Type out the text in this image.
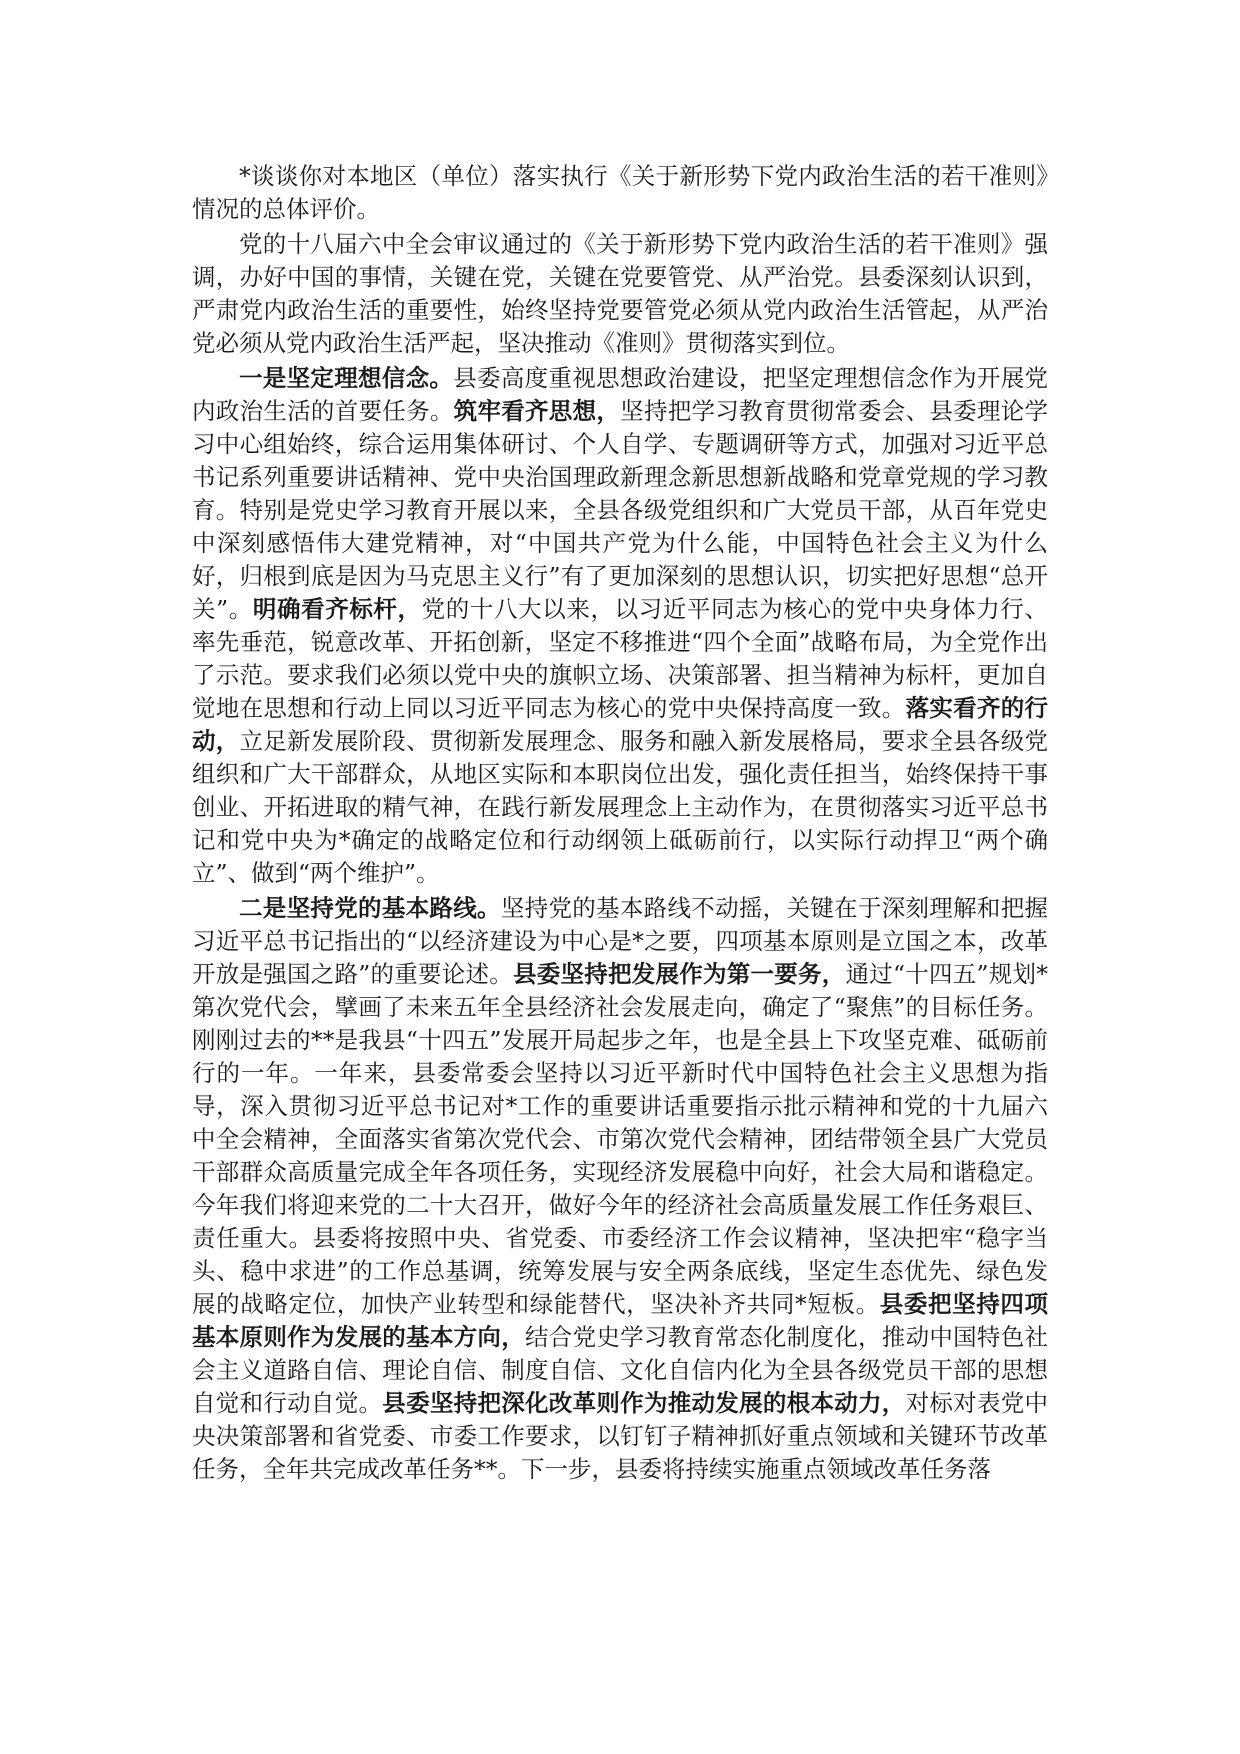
*谈谈你对本地区（单位）落实执行《关于新形势下党内政治生活的若干准则》情况的总体评价。

党的十八届六中全会审议通过的《关于新形势下党内政治生活的若干准则》强调，办好中国的事情，关键在党，关键在党要管党、从严治党。县委深刻认识到，严肃党内政治生活的重要性，始终坚持党要管党必须从党内政治生活管起，从严治党必须从党内政治生活严起，坚决推动《准则》贯彻落实到位。

一是坚定理想信念。县委高度重视思想政治建设，把坚定理想信念作为开展党内政治生活的首要任务。筑牢看齐思想，坚持把学习教育贯彻常委会、县委理论学习中心组始终，综合运用集体研讨、个人自学、专题调研等方式，加强对习近平总书记系列重要讲话精神、党中央治国理政新理念新思想新战略和党章党规的学习教育。特别是党史学习教育开展以来，全县各级党组织和广大党员干部，从百年党史中深刻感悟伟大建党精神，对“中国共产党为什么能，中国特色社会主义为什么好，归根到底是因为马克思主义行”有了更加深刻的思想认识，切实把好思想“总开关”。明确看齐标杆，党的十八大以来，以习近平同志为核心的党中央身体力行、率先垂范，锐意改革、开拓创新，坚定不移推进“四个全面”战略布局，为全党作出了示范。要求我们必须以党中央的旗帜立场、决策部署、担当精神为标杆，更加自觉地在思想和行动上同以习近平同志为核心的党中央保持高度一致。落实看齐的行动，立足新发展阶段、贯彻新发展理念、服务和融入新发展格局，要求全县各级党组织和广大干部群众，从地区实际和本职岗位出发，强化责任担当，始终保持干事创业、开拓进取的精气神，在践行新发展理念上主动作为，在贯彻落实习近平总书记和党中央为*确定的战略定位和行动纲领上砥砺前行，以实际行动捍卫“两个确立”、做到“两个维护”。

二是坚持党的基本路线。坚持党的基本路线不动摇，关键在于深刻理解和把握习近平总书记指出的“以经济建设为中心是*之要，四项基本原则是立国之本，改革开放是强国之路”的重要论述。县委坚持把发展作为第一要务，通过“十四五”规划*第次党代会，擘画了未来五年全县经济社会发展走向，确定了“聚焦”的目标任务。刚刚过去的**是我县“十四五”发展开局起步之年，也是全县上下攻坚克难、砥砺前行的一年。一年来，县委常委会坚持以习近平新时代中国特色社会主义思想为指导，深入贯彻习近平总书记对*工作的重要讲话重要指示批示精神和党的十九届六中全会精神，全面落实省第次党代会、市第次党代会精神，团结带领全县广大党员干部群众高质量完成全年各项任务，实现经济发展稳中向好，社会大局和谐稳定。今年我们将迎来党的二十大召开，做好今年的经济社会高质量发展工作任务艰巨、责任重大。县委将按照中央、省党委、市委经济工作会议精神，坚决把牢“稳字当头、稳中求进”的工作总基调，统筹发展与安全两条底线，坚定生态优先、绿色发展的战略定位，加快产业转型和绿能替代，坚决补齐共同*短板。县委把坚持四项基本原则作为发展的基本方向，结合党史学习教育常态化制度化，推动中国特色社会主义道路自信、理论自信、制度自信、文化自信内化为全县各级党员干部的思想自觉和行动自觉。县委坚持把深化改革则作为推动发展的根本动力，对标对表党中央决策部署和省党委、市委工作要求，以钉钉子精神抓好重点领域和关键环节改革任务，全年共完成改革任务**。下一步，县委将持续实施重点领域改革任务落
